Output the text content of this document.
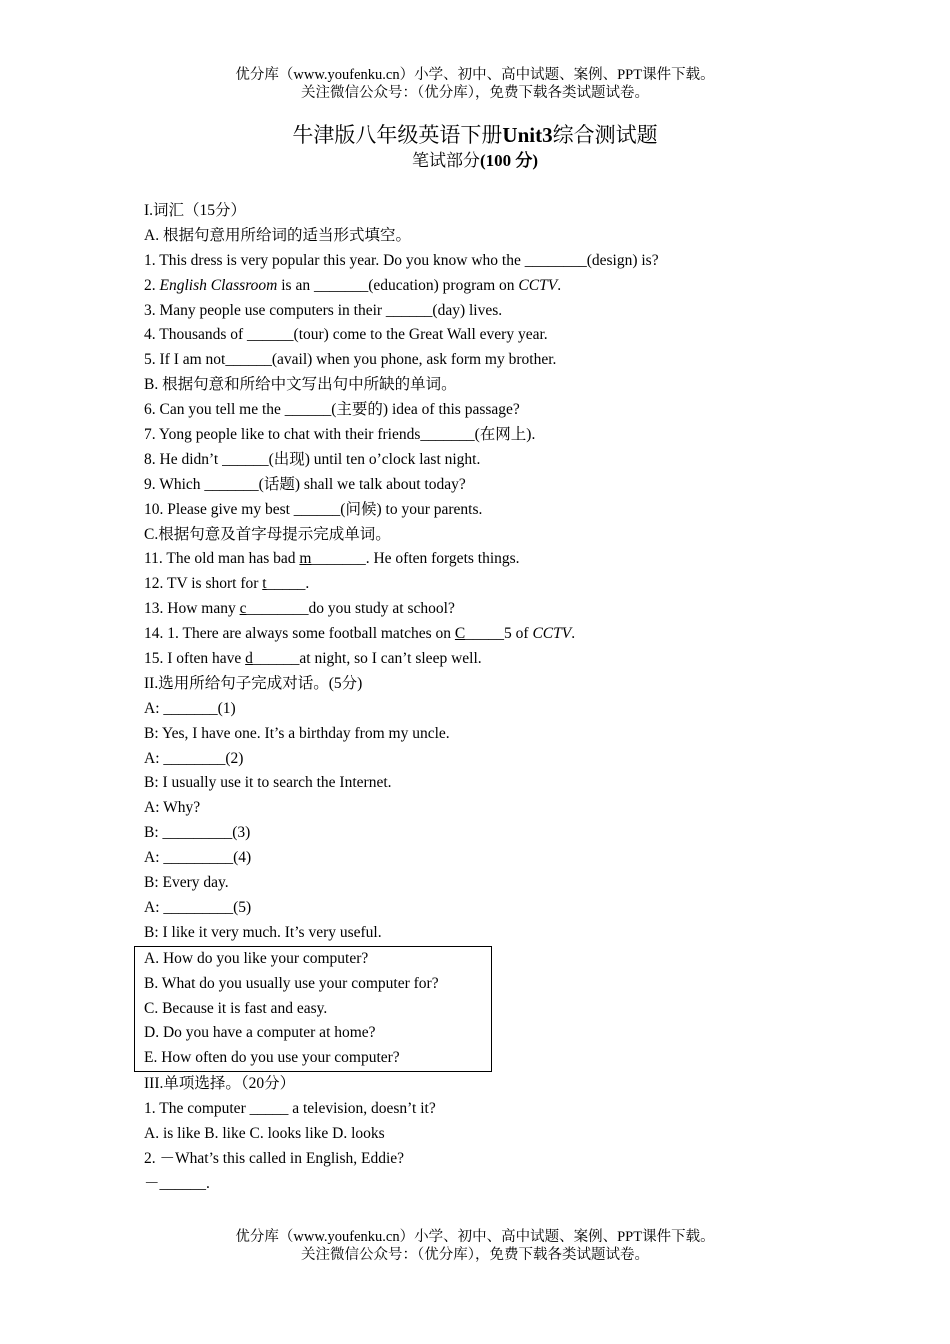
优分库（www.youfenku.cn）小学、初中、高中试题、案例、PPT课件下载。
关注微信公众号：（优分库），免费下载各类试题试卷。
牛津版八年级英语下册Unit3综合测试题
笔试部分(100 分)
I.词汇（15分）
A. 根据句意用所给词的适当形式填空。
1. This dress is very popular this year. Do you know who the ________(design) is?
2. English Classroom is an _______(education) program on CCTV.
3. Many people use computers in their ______(day) lives.
4. Thousands of ______(tour) come to the Great Wall every year.
5. If I am not______(avail) when you phone, ask form my brother.
B. 根据句意和所给中文写出句中所缺的单词。
6. Can you tell me the ______(主要的) idea of this passage?
7. Yong people like to chat with their friends_______(在网上).
8. He didn’t ______(出现) until ten o’clock last night.
9. Which _______(话题) shall we talk about today?
10. Please give my best ______(问候) to your parents.
C.根据句意及首字母提示完成单词。
11. The old man has bad m_______. He often forgets things.
12. TV is short for t_____.
13. How many c________do you study at school?
14. 1. There are always some football matches on C_____5 of CCTV.
15. I often have d______at night, so I can’t sleep well.
II.选用所给句子完成对话。(5分)
A: _______(1)
B: Yes, I have one. It’s a birthday from my uncle.
A: ________(2)
B: I usually use it to search the Internet.
A: Why?
B: _________(3)
A: _________(4)
B: Every day.
A: _________(5)
B: I like it very much. It’s very useful.
A. How do you like your computer?
B. What do you usually use your computer for?
C. Because it is fast and easy.
D. Do you have a computer at home?
E. How often do you use your computer?
III.单项选择。（20分）
1. The computer _____ a television, doesn’t it?
A. is like B. like C. looks like D. looks
2. －What’s this called in English, Eddie?
－______.
优分库（www.youfenku.cn）小学、初中、高中试题、案例、PPT课件下载。
关注微信公众号：（优分库），免费下载各类试题试卷。
